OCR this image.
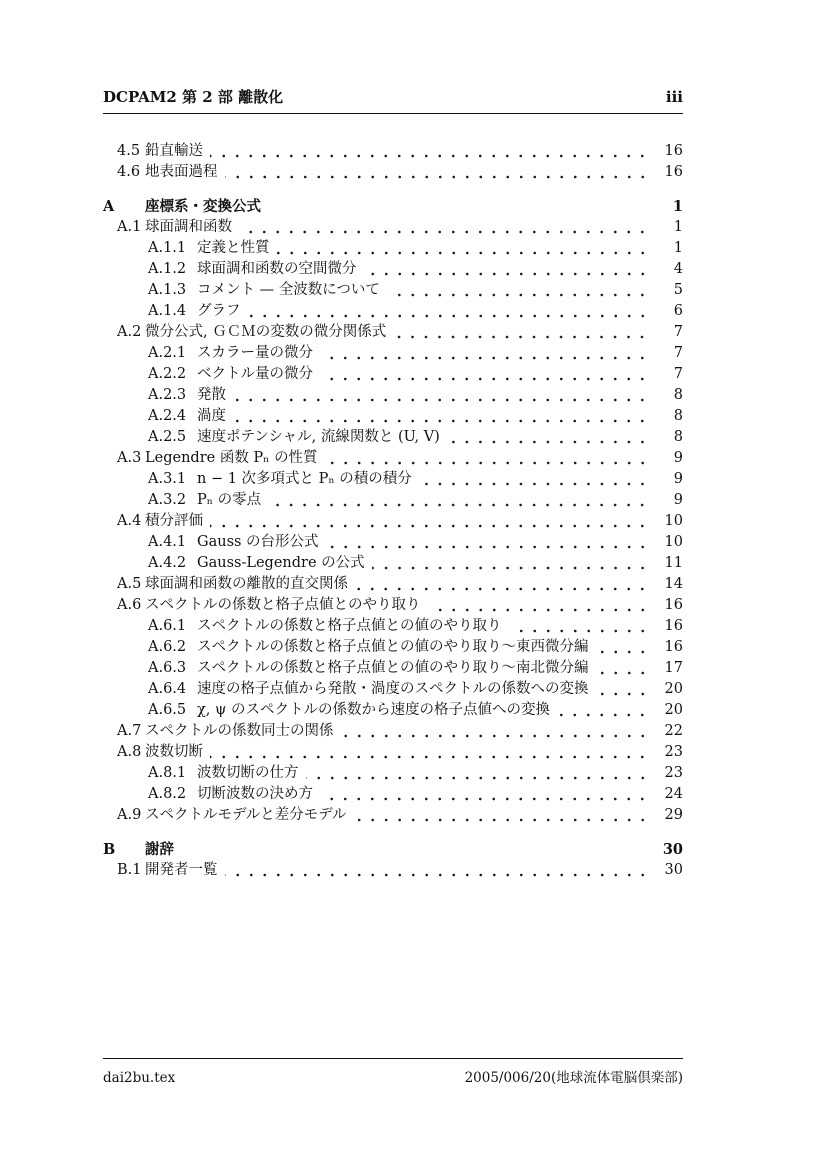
DCPAM2 第 2 部 離散化	iii
4.5 鉛直輸送	16
4.6 地表面過程	16
A	座標系・変換公式	1
A.1 球面調和函数	1
A.1.1 定義と性質	1
A.1.2 球面調和函数の空間微分	4
A.1.3 コメント — 全波数について	5
A.1.4 グラフ	6
A.2 微分公式, ＧＣＭの変数の微分関係式	7
A.2.1 スカラー量の微分	7
A.2.2 ベクトル量の微分	7
A.2.3 発散	8
A.2.4 渦度	8
A.2.5 速度ポテンシャル, 流線関数と (U, V)	8
A.3 Legendre 函数 Pₙ の性質	9
A.3.1 n − 1 次多項式と Pₙ の積の積分	9
A.3.2 Pₙ の零点	9
A.4 積分評価	10
A.4.1 Gauss の台形公式	10
A.4.2 Gauss-Legendre の公式	11
A.5 球面調和函数の離散的直交関係	14
A.6 スペクトルの係数と格子点値とのやり取り	16
A.6.1 スペクトルの係数と格子点値との値のやり取り	16
A.6.2 スペクトルの係数と格子点値との値のやり取り～東西微分編	16
A.6.3 スペクトルの係数と格子点値との値のやり取り～南北微分編	17
A.6.4 速度の格子点値から発散・渦度のスペクトルの係数への変換	20
A.6.5 χ, ψ のスペクトルの係数から速度の格子点値への変換	20
A.7 スペクトルの係数同士の関係	22
A.8 波数切断	23
A.8.1 波数切断の仕方	23
A.8.2 切断波数の決め方	24
A.9 スペクトルモデルと差分モデル	29
B	謝辞	30
B.1 開発者一覧	30
dai2bu.tex	2005/006/20(地球流体電脳倶楽部)
